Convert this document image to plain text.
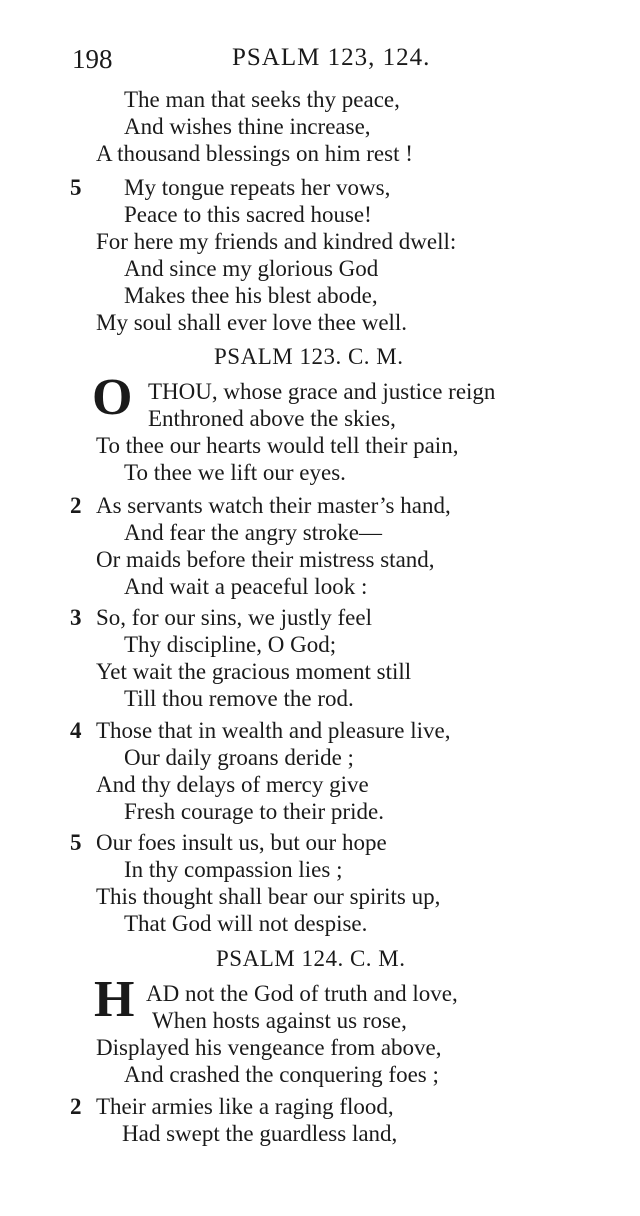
198	PSALM 123, 124.
The man that seeks thy peace,
And wishes thine increase,
A thousand blessings on him rest !
5 My tongue repeats her vows,
Peace to this sacred house!
For here my friends and kindred dwell:
And since my glorious God
Makes thee his blest abode,
My soul shall ever love thee well.
PSALM 123. C. M.
O THOU, whose grace and justice reign
Enthroned above the skies,
To thee our hearts would tell their pain,
To thee we lift our eyes.
2 As servants watch their master’s hand,
And fear the angry stroke—
Or maids before their mistress stand,
And wait a peaceful look :
3 So, for our sins, we justly feel
Thy discipline, O God;
Yet wait the gracious moment still
Till thou remove the rod.
4 Those that in wealth and pleasure live,
Our daily groans deride ;
And thy delays of mercy give
Fresh courage to their pride.
5 Our foes insult us, but our hope
In thy compassion lies ;
This thought shall bear our spirits up,
That God will not despise.
PSALM 124. C. M.
H AD not the God of truth and love,
When hosts against us rose,
Displayed his vengeance from above,
And crashed the conquering foes ;
2 Their armies like a raging flood,
Had swept the guardless land,
